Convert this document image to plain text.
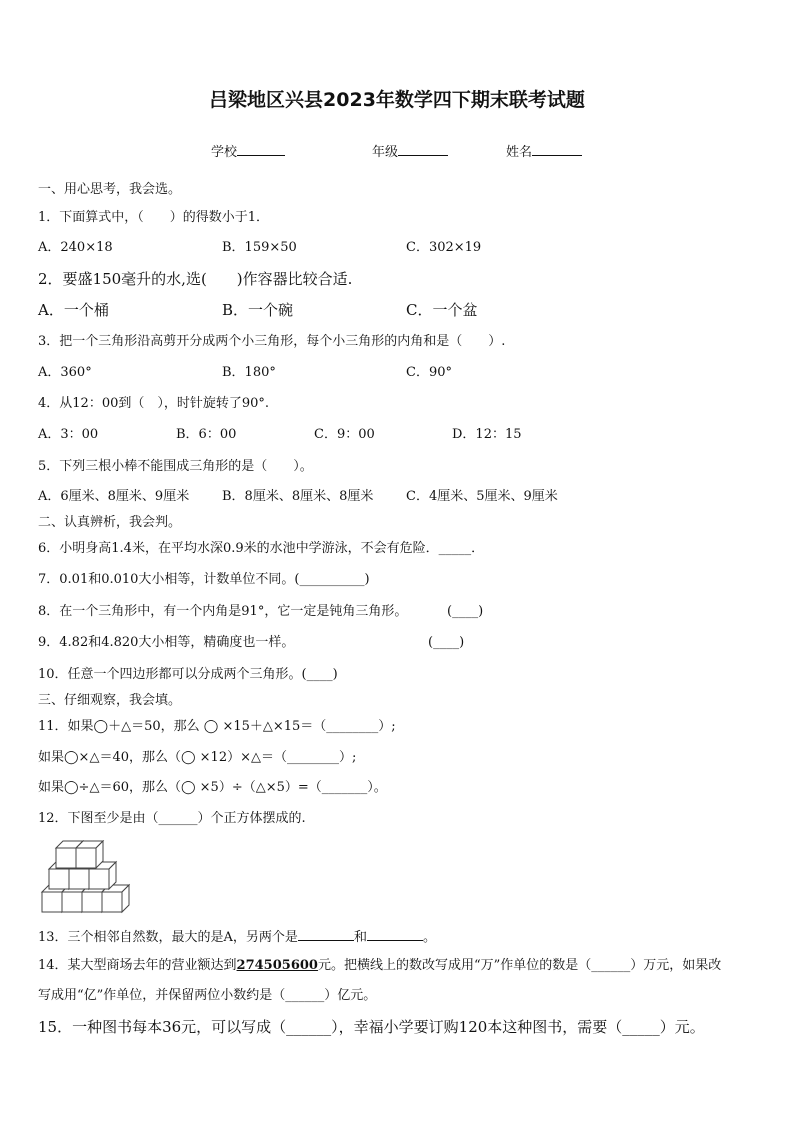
吕梁地区兴县2023年数学四下期末联考试题
学校	年级	姓名
一、用心思考，我会选。
1．下面算式中，（　　）的得数小于1．
A．240×18	B．159×50	C．302×19
2．要盛150毫升的水,选(　　)作容器比较合适.
A．一个桶	B．一个碗	C．一个盆
3．把一个三角形沿高剪开分成两个小三角形，每个小三角形的内角和是（　　）.
A．360°	B．180°	C．90°
4．从12：00到（　），时针旋转了90°.
A．3：00	B．6：00	C．9：00	D．12：15
5．下列三根小棒不能围成三角形的是（　　）。
A．6厘米、8厘米、9厘米	B．8厘米、8厘米、8厘米	C．4厘米、5厘米、9厘米
二、认真辨析，我会判。
6．小明身高1.4米，在平均水深0.9米的水池中学游泳，不会有危险．_____．
7．0.01和0.010大小相等，计数单位不同。(__________)
8．在一个三角形中，有一个内角是91°，它一定是钝角三角形。	(____)
9．4.82和4.820大小相等，精确度也一样。	(____)
10．任意一个四边形都可以分成两个三角形。(____)
三、仔细观察，我会填。
11．如果◯＋△＝50，那么 ◯ ×15＋△×15＝（________）;
如果◯×△＝40，那么（◯ ×12）×△＝（________）;
如果◯÷△＝60，那么（◯ ×5）÷（△×5）=（_______）。
12．下图至少是由（______）个正方体摆成的.
13．三个相邻自然数，最大的是A，另两个是	和	。
14．某大型商场去年的营业额达到274505600元。把横线上的数改写成用“万”作单位的数是（______）万元，如果改
写成用“亿”作单位，并保留两位小数约是（______）亿元。
15．一种图书每本36元，可以写成（______），幸福小学要订购120本这种图书，需要（_____）元。
